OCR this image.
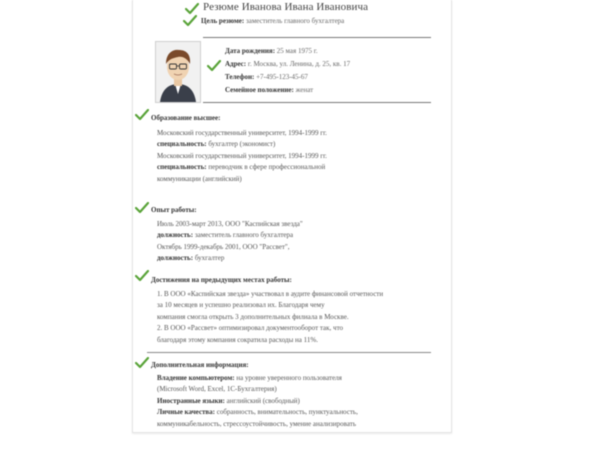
Резюме Иванова Ивана Ивановича
Цель резюме: заместитель главного бухгалтера
Дата рождения: 25 мая 1975 г.
Адрес: г. Москва, ул. Ленина, д. 25, кв. 17
Телефон: +7-495-123-45-67
Семейное положение: женат
Образование высшее:
Московский государственный университет, 1994-1999 гг.
специальность: бухгалтер (экономист)
Московский государственный университет, 1994-1999 гг.
специальность: переводчик в сфере профессиональной
коммуникации (английский)
Опыт работы:
Июль 2003-март 2013, ООО "Каспийская звезда"
должность: заместитель главного бухгалтера
Октябрь 1999-декабрь 2001, ООО "Рассвет",
должность: бухгалтер
Достижения на предыдущих местах работы:
1. В ООО «Каспийская звезда» участвовал в аудите финансовой отчетности
за 10 месяцев и успешно реализовал их. Благодаря чему
компания смогла открыть 3 дополнительных филиала в Москве.
2. В ООО «Рассвет» оптимизировал документооборот так, что
благодаря этому компания сократила расходы на 11%.
Дополнительная информация:
Владение компьютером: на уровне уверенного пользователя
(Microsoft Word, Excel, 1С-Бухгалтерия)
Иностранные языки: английский (свободный)
Личные качества: собранность, внимательность, пунктуальность,
коммуникабельность, стрессоустойчивость, умение анализировать
